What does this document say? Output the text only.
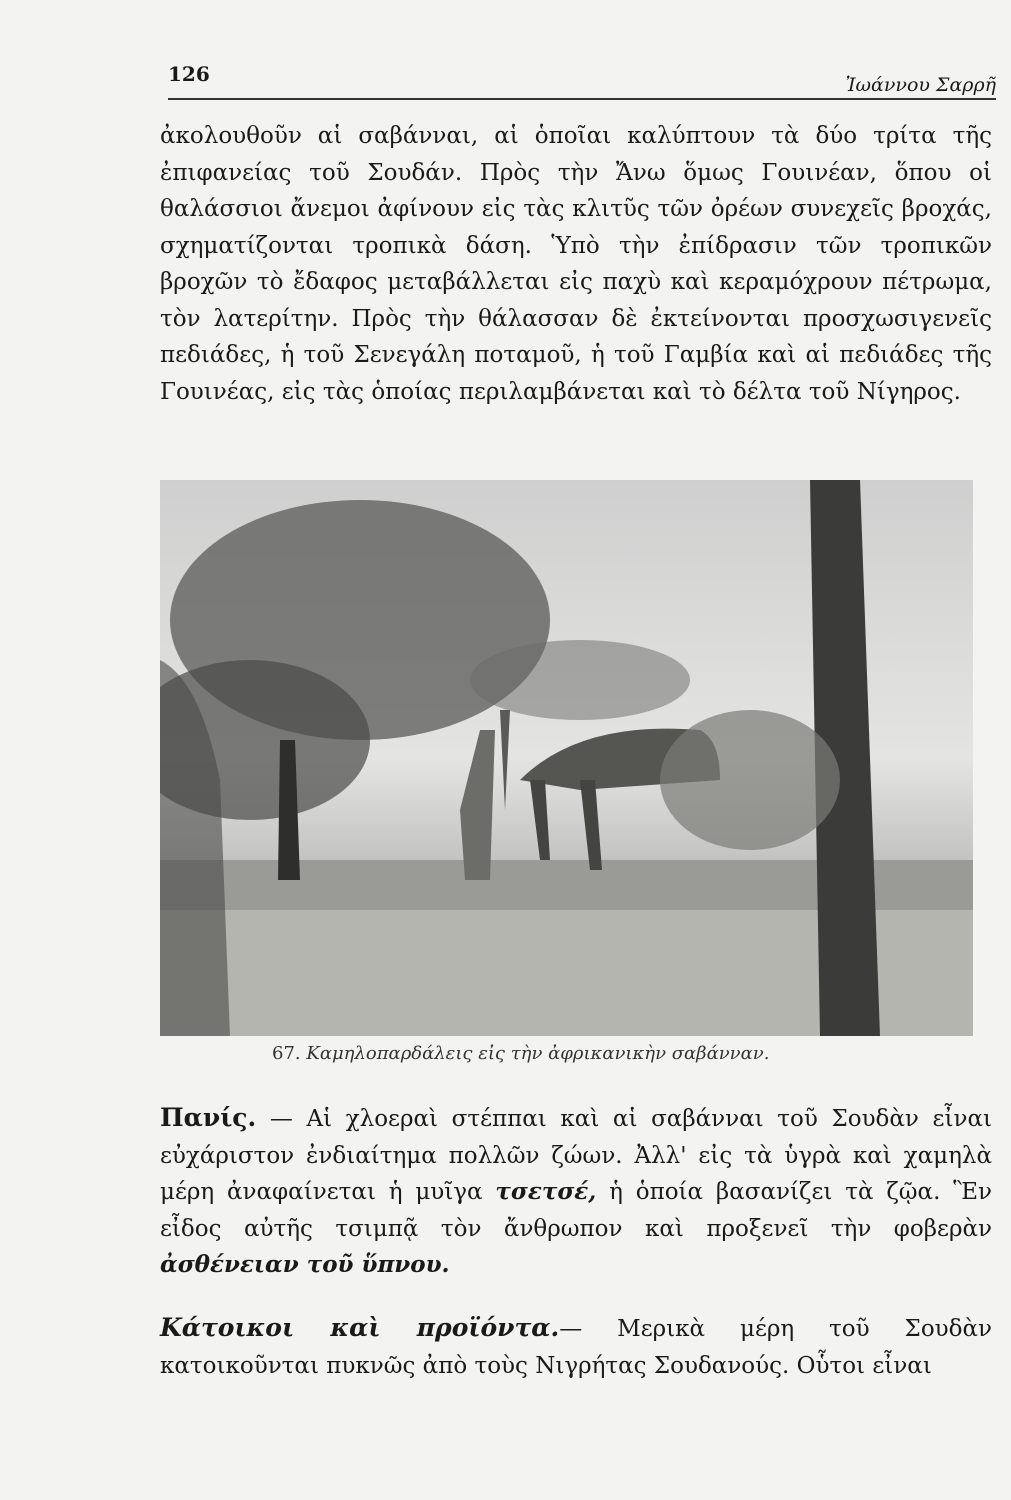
126	Ἰωάννου Σαρρῆ

ἀκολουθοῦν αἱ σαβάνναι, αἱ ὁποῖαι καλύπτουν τὰ δύο τρίτα τῆς ἐπιφανείας τοῦ Σουδάν. Πρὸς τὴν Ἄνω ὅμως Γουινέαν, ὅπου οἱ θαλάσσιοι ἄνεμοι ἀφίνουν εἰς τὰς κλιτῦς τῶν ὀρέων συνεχεῖς βροχάς, σχηματίζονται τροπικὰ δάση. Ὑπὸ τὴν ἐπίδρασιν τῶν τροπικῶν βροχῶν τὸ ἔδαφος μεταβάλλεται εἰς παχὺ καὶ κεραμόχρουν πέτρωμα, τὸν λατερίτην. Πρὸς τὴν θάλασσαν δὲ ἐκτείνονται προσχωσιγενεῖς πεδιάδες, ἡ τοῦ Σενεγάλη ποταμοῦ, ἡ τοῦ Γαμβία καὶ αἱ πεδιάδες τῆς Γουινέας, εἰς τὰς ὁποίας περιλαμβάνεται καὶ τὸ δέλτα τοῦ Νίγηρος.

67. Καμηλοπαρδάλεις εἰς τὴν ἀφρικανικὴν σαβάνναν.

Πανίς. — Αἱ χλοεραὶ στέππαι καὶ αἱ σαβάνναι τοῦ Σουδὰν εἶναι εὐχάριστον ἐνδιαίτημα πολλῶν ζώων. Ἀλλ' εἰς τὰ ὑγρὰ καὶ χαμηλὰ μέρη ἀναφαίνεται ἡ μυῖγα τσετσέ, ἡ ὁποία βασανίζει τὰ ζῷα. Ἓν εἶδος αὐτῆς τσιμπᾷ τὸν ἄνθρωπον καὶ προξενεῖ τὴν φοβερὰν ἀσθένειαν τοῦ ὕπνου.

Κάτοικοι καὶ προϊόντα.— Μερικὰ μέρη τοῦ Σουδὰν κατοικοῦνται πυκνῶς ἀπὸ τοὺς Νιγρήτας Σουδανούς. Οὗτοι εἶναι
